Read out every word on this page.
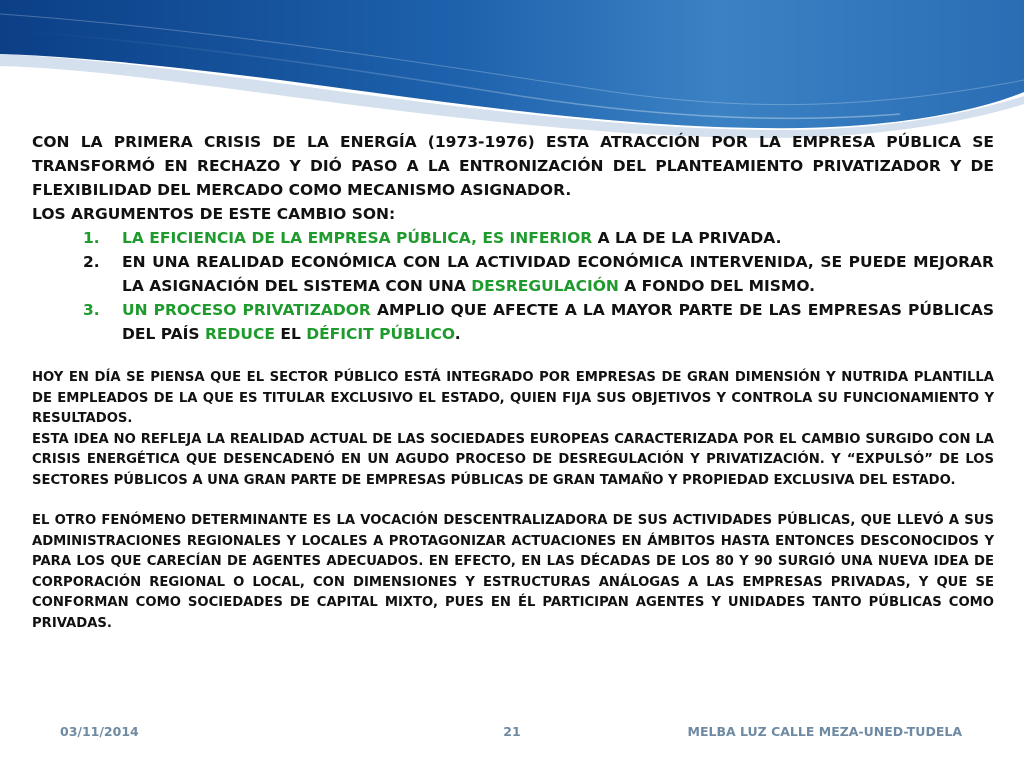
CON LA PRIMERA CRISIS DE LA ENERGÍA (1973-1976) ESTA ATRACCIÓN POR LA EMPRESA PÚBLICA SE TRANSFORMÓ EN RECHAZO Y DIÓ PASO A LA ENTRONIZACIÓN DEL PLANTEAMIENTO PRIVATIZADOR Y DE FLEXIBILIDAD DEL MERCADO COMO MECANISMO ASIGNADOR.

LOS ARGUMENTOS DE ESTE CAMBIO SON:

1. LA EFICIENCIA DE LA EMPRESA PÚBLICA, ES INFERIOR A LA DE LA PRIVADA.
2. EN UNA REALIDAD ECONÓMICA CON LA ACTIVIDAD ECONÓMICA INTERVENIDA, SE PUEDE MEJORAR LA ASIGNACIÓN DEL SISTEMA CON UNA DESREGULACIÓN A FONDO DEL MISMO.
3. UN PROCESO PRIVATIZADOR AMPLIO QUE AFECTE A LA MAYOR PARTE DE LAS EMPRESAS PÚBLICAS DEL PAÍS REDUCE EL DÉFICIT PÚBLICO.

HOY EN DÍA SE PIENSA QUE EL SECTOR PÚBLICO ESTÁ INTEGRADO POR EMPRESAS DE GRAN DIMENSIÓN Y NUTRIDA PLANTILLA DE EMPLEADOS DE LA QUE ES TITULAR EXCLUSIVO EL ESTADO, QUIEN FIJA SUS OBJETIVOS Y CONTROLA SU FUNCIONAMIENTO Y RESULTADOS.

ESTA IDEA NO REFLEJA LA REALIDAD ACTUAL DE LAS SOCIEDADES EUROPEAS CARACTERIZADA POR EL CAMBIO SURGIDO CON LA CRISIS ENERGÉTICA QUE DESENCADENÓ EN UN AGUDO PROCESO DE DESREGULACIÓN Y PRIVATIZACIÓN. Y “EXPULSÓ” DE LOS SECTORES PÚBLICOS A UNA GRAN PARTE DE EMPRESAS PÚBLICAS DE GRAN TAMAÑO Y PROPIEDAD EXCLUSIVA DEL ESTADO.

EL OTRO FENÓMENO DETERMINANTE ES LA VOCACIÓN DESCENTRALIZADORA DE SUS ACTIVIDADES PÚBLICAS, QUE LLEVÓ A SUS ADMINISTRACIONES REGIONALES Y LOCALES A PROTAGONIZAR ACTUACIONES EN ÁMBITOS HASTA ENTONCES DESCONOCIDOS Y PARA LOS QUE CARECÍAN DE AGENTES ADECUADOS. EN EFECTO, EN LAS DÉCADAS DE LOS 80 Y 90 SURGIÓ UNA NUEVA IDEA DE CORPORACIÓN REGIONAL O LOCAL, CON DIMENSIONES Y ESTRUCTURAS ANÁLOGAS A LAS EMPRESAS PRIVADAS, Y QUE SE CONFORMAN COMO SOCIEDADES DE CAPITAL MIXTO, PUES EN ÉL PARTICIPAN AGENTES Y UNIDADES TANTO PÚBLICAS COMO PRIVADAS.

03/11/2014	21	MELBA LUZ CALLE MEZA-UNED-TUDELA
